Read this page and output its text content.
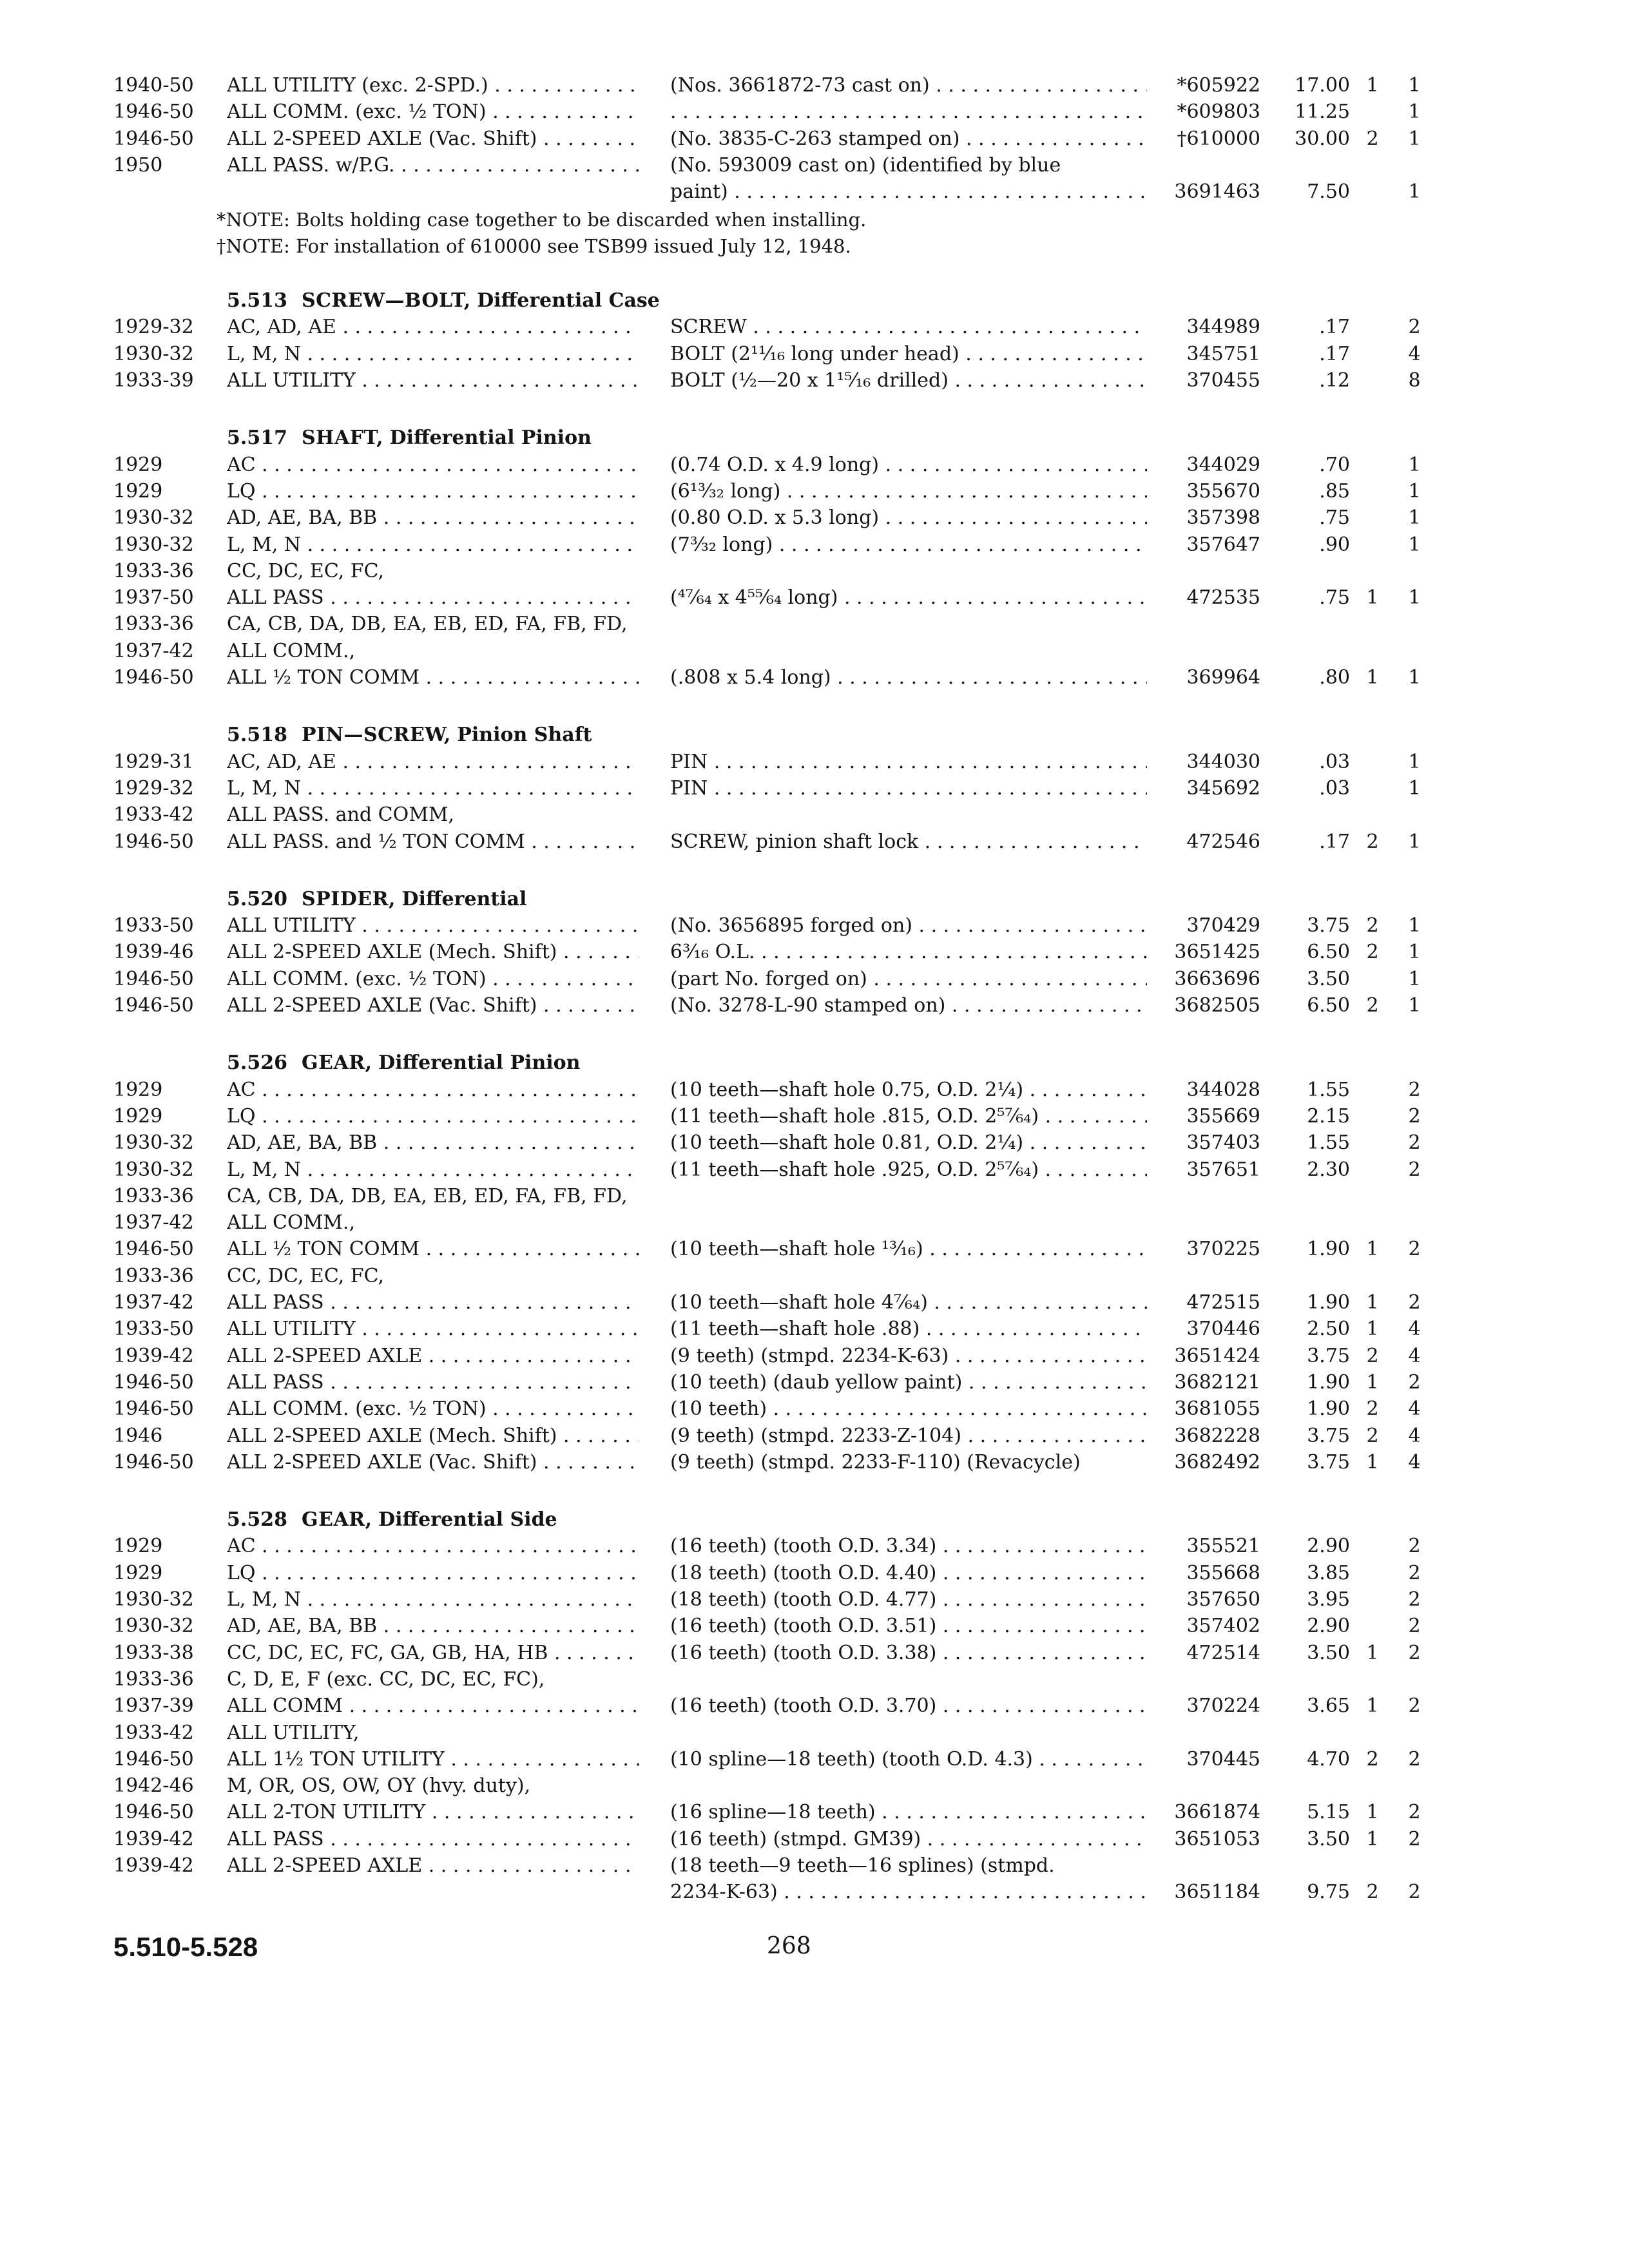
1940-50	ALL UTILITY (exc. 2-SPD.) . . .	(Nos. 3661872-73 cast on) . . .	*605922	17.00 1	1
1946-50	ALL COMM. (exc. ½ TON) . . .
. . .	*609803	11.25	1
1946-50	ALL 2-SPEED AXLE (Vac. Shift) . . .	(No. 3835-C-263 stamped on) . . .	†610000	30.00 2	1
1950	ALL PASS. w/P.G. . . .	(No. 593009 cast on) (identified by blue
paint) . . .	3691463	7.50	1
*NOTE: Bolts holding case together to be discarded when installing.
†NOTE: For installation of 610000 see TSB99 issued July 12, 1948.
5.513 SCREW—BOLT, Differential Case
1929-32	AC, AD, AE . . .	SCREW . . .	344989	.17	2
1930-32	L, M, N . . .	BOLT (2¹¹⁄₁₆ long under head) . . .	345751	.17	4
1933-39	ALL UTILITY . . .	BOLT (½—20 x 1¹⁵⁄₁₆ drilled) . . .	370455	.12	8
5.517 SHAFT, Differential Pinion
1929	AC . . .	(0.74 O.D. x 4.9 long) . . .	344029	.70	1
1929	LQ . . .	(6¹³⁄₃₂ long) . . .	355670	.85	1
1930-32	AD, AE, BA, BB . . .	(0.80 O.D. x 5.3 long) . . .	357398	.75	1
1930-32	L, M, N . . .	(7³⁄₃₂ long) . . .	357647	.90	1
1933-36	CC, DC, EC, FC,
1937-50	ALL PASS . . .	(⁴⁷⁄₆₄ x 4⁵⁵⁄₆₄ long) . . .	472535	.75 1	1
1933-36	CA, CB, DA, DB, EA, EB, ED, FA, FB, FD,
1937-42	ALL COMM.,
1946-50	ALL ½ TON COMM . . .	(.808 x 5.4 long) . . .	369964	.80 1	1
5.518 PIN—SCREW, Pinion Shaft
1929-31	AC, AD, AE . . .	PIN . . .	344030	.03	1
1929-32	L, M, N . . .	PIN . . .	345692	.03	1
1933-42	ALL PASS. and COMM,
1946-50	ALL PASS. and ½ TON COMM . . .	SCREW, pinion shaft lock . . .	472546	.17 2	1
5.520 SPIDER, Differential
1933-50	ALL UTILITY . . .	(No. 3656895 forged on) . . .	370429	3.75 2	1
1939-46	ALL 2-SPEED AXLE (Mech. Shift) . . .	6³⁄₁₆ O.L. . . .	3651425	6.50 2	1
1946-50	ALL COMM. (exc. ½ TON) . . .	(part No. forged on) . . .	3663696	3.50	1
1946-50	ALL 2-SPEED AXLE (Vac. Shift) . . .	(No. 3278-L-90 stamped on) . . .	3682505	6.50 2	1
5.526 GEAR, Differential Pinion
1929	AC . . .	(10 teeth—shaft hole 0.75, O.D. 2¼) . . .	344028	1.55	2
1929	LQ . . .	(11 teeth—shaft hole .815, O.D. 2⁵⁷⁄₆₄) . . .	355669	2.15	2
1930-32	AD, AE, BA, BB . . .	(10 teeth—shaft hole 0.81, O.D. 2¼) . . .	357403	1.55	2
1930-32	L, M, N . . .	(11 teeth—shaft hole .925, O.D. 2⁵⁷⁄₆₄) . . .	357651	2.30	2
1933-36	CA, CB, DA, DB, EA, EB, ED, FA, FB, FD,
1937-42	ALL COMM.,
1946-50	ALL ½ TON COMM . . .	(10 teeth—shaft hole ¹³⁄₁₆) . . .	370225	1.90 1	2
1933-36	CC, DC, EC, FC,
1937-42	ALL PASS . . .	(10 teeth—shaft hole 4⁷⁄₆₄) . . .	472515	1.90 1	2
1933-50	ALL UTILITY . . .	(11 teeth—shaft hole .88) . . .	370446	2.50 1	4
1939-42	ALL 2-SPEED AXLE . . .	(9 teeth) (stmpd. 2234-K-63) . . .	3651424	3.75 2	4
1946-50	ALL PASS . . .	(10 teeth) (daub yellow paint) . . .	3682121	1.90 1	2
1946-50	ALL COMM. (exc. ½ TON) . . .	(10 teeth) . . .	3681055	1.90 2	4
1946	ALL 2-SPEED AXLE (Mech. Shift) . . .	(9 teeth) (stmpd. 2233-Z-104) . . .	3682228	3.75 2	4
1946-50	ALL 2-SPEED AXLE (Vac. Shift) . . .	(9 teeth) (stmpd. 2233-F-110) (Revacycle)	3682492	3.75 1	4
5.528 GEAR, Differential Side
1929	AC . . .	(16 teeth) (tooth O.D. 3.34) . . .	355521	2.90	2
1929	LQ . . .	(18 teeth) (tooth O.D. 4.40) . . .	355668	3.85	2
1930-32	L, M, N . . .	(18 teeth) (tooth O.D. 4.77) . . .	357650	3.95	2
1930-32	AD, AE, BA, BB . . .	(16 teeth) (tooth O.D. 3.51) . . .	357402	2.90	2
1933-38	CC, DC, EC, FC, GA, GB, HA, HB . . .	(16 teeth) (tooth O.D. 3.38) . . .	472514	3.50 1	2
1933-36	C, D, E, F (exc. CC, DC, EC, FC),
1937-39	ALL COMM . . .	(16 teeth) (tooth O.D. 3.70) . . .	370224	3.65 1	2
1933-42	ALL UTILITY,
1946-50	ALL 1½ TON UTILITY . . .	(10 spline—18 teeth) (tooth O.D. 4.3) . . .	370445	4.70 2	2
1942-46	M, OR, OS, OW, OY (hvy. duty),
1946-50	ALL 2-TON UTILITY . . .	(16 spline—18 teeth) . . .	3661874	5.15 1	2
1939-42	ALL PASS . . .	(16 teeth) (stmpd. GM39) . . .	3651053	3.50 1	2
1939-42	ALL 2-SPEED AXLE . . .	(18 teeth—9 teeth—16 splines) (stmpd.
2234-K-63) . . .	3651184	9.75 2	2
5.510-5.528	268
